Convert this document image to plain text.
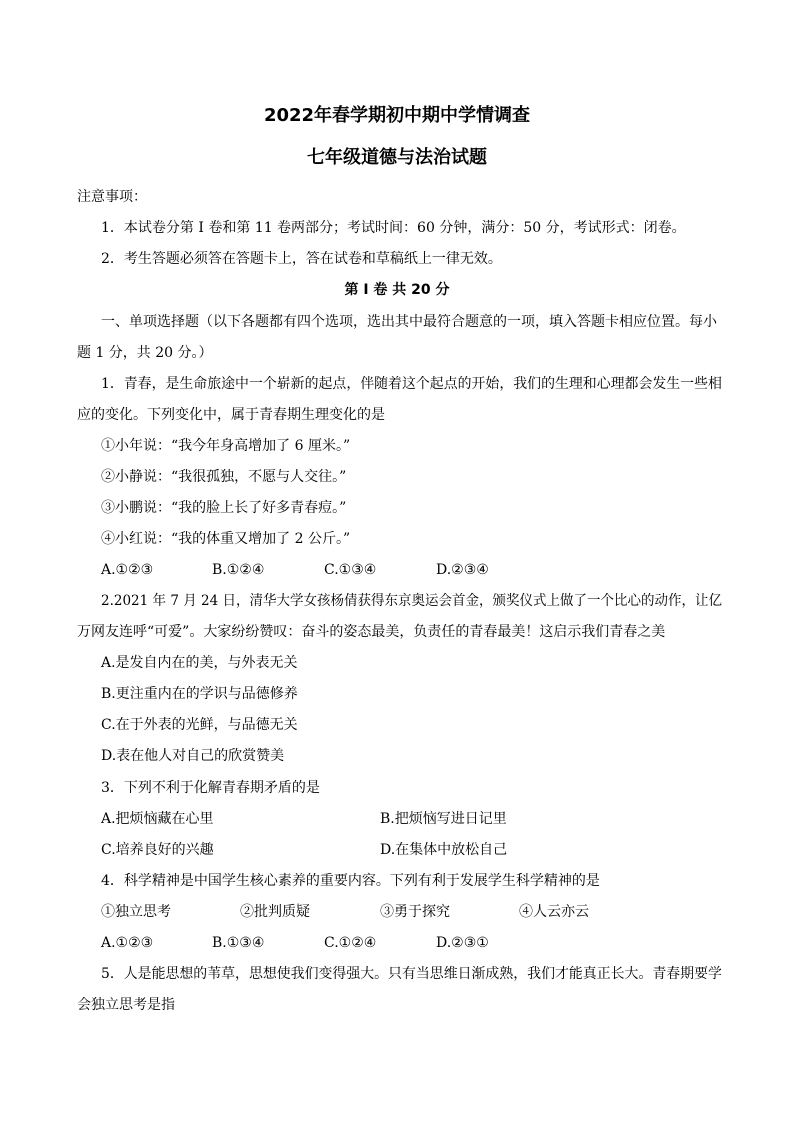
2022年春学期初中期中学情调查
七年级道德与法治试题
注意事项：
1．本试卷分第 I 卷和第 11 卷两部分；考试时间：60 分钟，满分：50 分，考试形式：闭卷。
2．考生答题必须答在答题卡上，答在试卷和草稿纸上一律无效。
第 I 卷 共 20 分
一、单项选择题（以下各题都有四个选项，选出其中最符合题意的一项，填入答题卡相应位置。每小
题 1 分，共 20 分。）
1．青春，是生命旅途中一个崭新的起点，伴随着这个起点的开始，我们的生理和心理都会发生一些相
应的变化。下列变化中，属于青春期生理变化的是
①小年说：“我今年身高增加了 6 厘米。”
②小静说：“我很孤独，不愿与人交往。”
③小鹏说：“我的脸上长了好多青春痘。”
④小红说：“我的体重又增加了 2 公斤。”
A.①②③	B.①②④	C.①③④	D.②③④
2.2021 年 7 月 24 日，清华大学女孩杨倩获得东京奥运会首金，颁奖仪式上做了一个比心的动作，让亿
万网友连呼“可爱”。大家纷纷赞叹：奋斗的姿态最美，负责任的青春最美！这启示我们青春之美
A.是发自内在的美，与外表无关
B.更注重内在的学识与品德修养
C.在于外表的光鲜，与品德无关
D.表在他人对自己的欣赏赞美
3．下列不利于化解青春期矛盾的是
A.把烦恼藏在心里	B.把烦恼写进日记里
C.培养良好的兴趣	D.在集体中放松自己
4．科学精神是中国学生核心素养的重要内容。下列有利于发展学生科学精神的是
①独立思考	②批判质疑	③勇于探究	④人云亦云
A.①②③	B.①③④	C.①②④	D.②③①
5．人是能思想的苇草，思想使我们变得强大。只有当思维日渐成熟，我们才能真正长大。青春期要学
会独立思考是指
